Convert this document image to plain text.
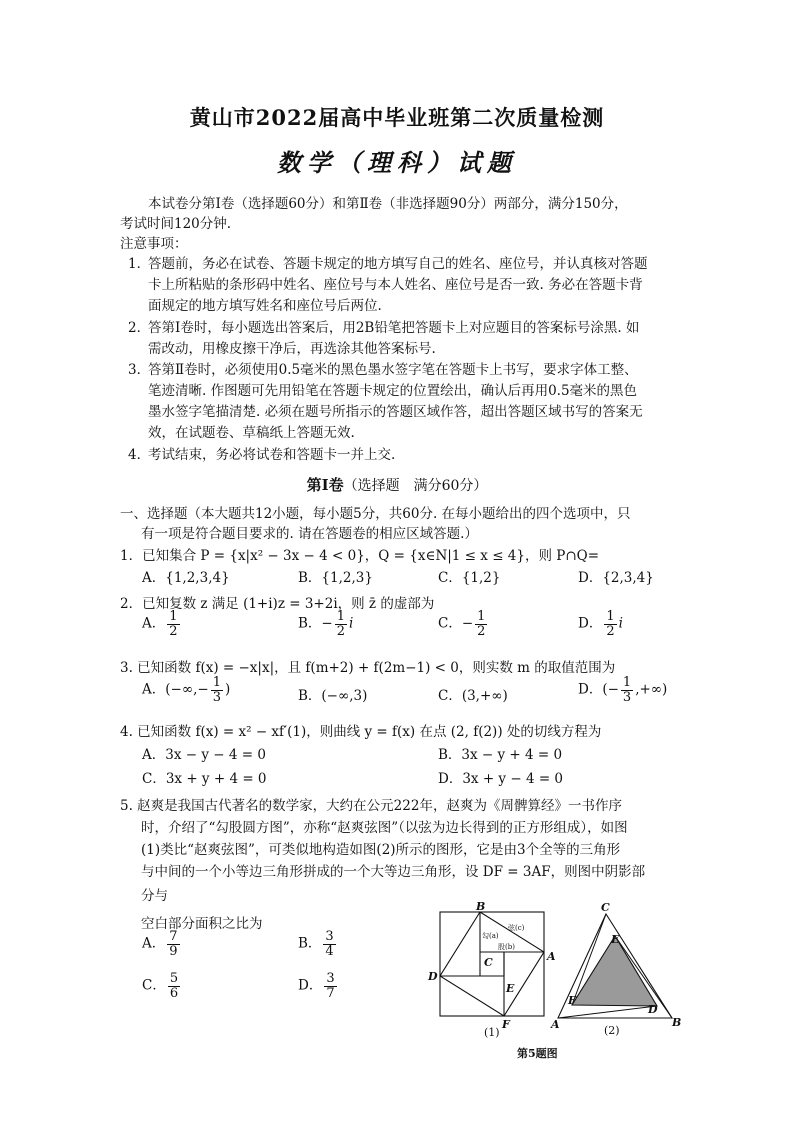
黄山市2022届高中毕业班第二次质量检测
数学（理科）试题
本试卷分第Ⅰ卷（选择题60分）和第Ⅱ卷（非选择题90分）两部分，满分150分，
考试时间120分钟.
注意事项：
1．
答题前，务必在试卷、答题卡规定的地方填写自己的姓名、座位号，并认真核对答题
卡上所粘贴的条形码中姓名、座位号与本人姓名、座位号是否一致. 务必在答题卡背
面规定的地方填写姓名和座位号后两位.
2．
答第Ⅰ卷时，每小题选出答案后，用2B铅笔把答题卡上对应题目的答案标号涂黑. 如
需改动，用橡皮擦干净后，再选涂其他答案标号.
3．
答第Ⅱ卷时，必须使用0.5毫米的黑色墨水签字笔在答题卡上书写，要求字体工整、
笔迹清晰. 作图题可先用铅笔在答题卡规定的位置绘出，确认后再用0.5毫米的黑色
墨水签字笔描清楚. 必须在题号所指示的答题区域作答，超出答题区域书写的答案无
效，在试题卷、草稿纸上答题无效.
4．
考试结束，务必将试卷和答题卡一并上交.
第Ⅰ卷（选择题　满分60分）
一、选择题（本大题共12小题，每小题5分，共60分. 在每小题给出的四个选项中，只
有一项是符合题目要求的. 请在答题卷的相应区域答题.）
1．已知集合 P = {x|x² − 3x − 4 < 0}，Q = {x∈N|1 ≤ x ≤ 4}，则 P∩Q=
A．{1,2,3,4}	B．{1,2,3}	C．{1,2}	D．{2,3,4}
2．已知复数 z 满足 (1+i)z = 3+2i，则 z̄ 的虚部为
A． $\frac{1}{2}$	B．− $\frac{1}{2}$ i	C．− $\frac{1}{2}$	D． $\frac{1}{2}$ i
3. 已知函数 f(x) = −x|x|，且 f(m+2) + f(2m−1) < 0，则实数 m 的取值范围为
A．(−∞,− $\frac{1}{3}$ )	B．(−∞,3)	C．(3,+∞)	D．(− $\frac{1}{3}$ ,+∞)
4. 已知函数 f(x) = x² − xf′(1)，则曲线 y = f(x) 在点 (2, f(2)) 处的切线方程为
A．3x − y − 4 = 0	B．3x − y + 4 = 0
C．3x + y + 4 = 0	D．3x + y − 4 = 0
5. 赵爽是我国古代著名的数学家，大约在公元222年，赵爽为《周髀算经》一书作序
时，介绍了“勾股圆方图”，亦称“赵爽弦图”（以弦为边长得到的正方形组成），如图
(1)类比“赵爽弦图”，可类似地构造如图(2)所示的图形，它是由3个全等的三角形
与中间的一个小等边三角形拼成的一个大等边三角形，设 DF = 3AF，则图中阴影部
分与
空白部分面积之比为
A． $\frac{7}{9}$	B． $\frac{3}{4}$
C． $\frac{5}{6}$	D． $\frac{3}{7}$
B
A
C
D
E
F
勾(a)
弦(c)
股(b)
(1)
C
E
F
D
A	B
(2)
第5题图
